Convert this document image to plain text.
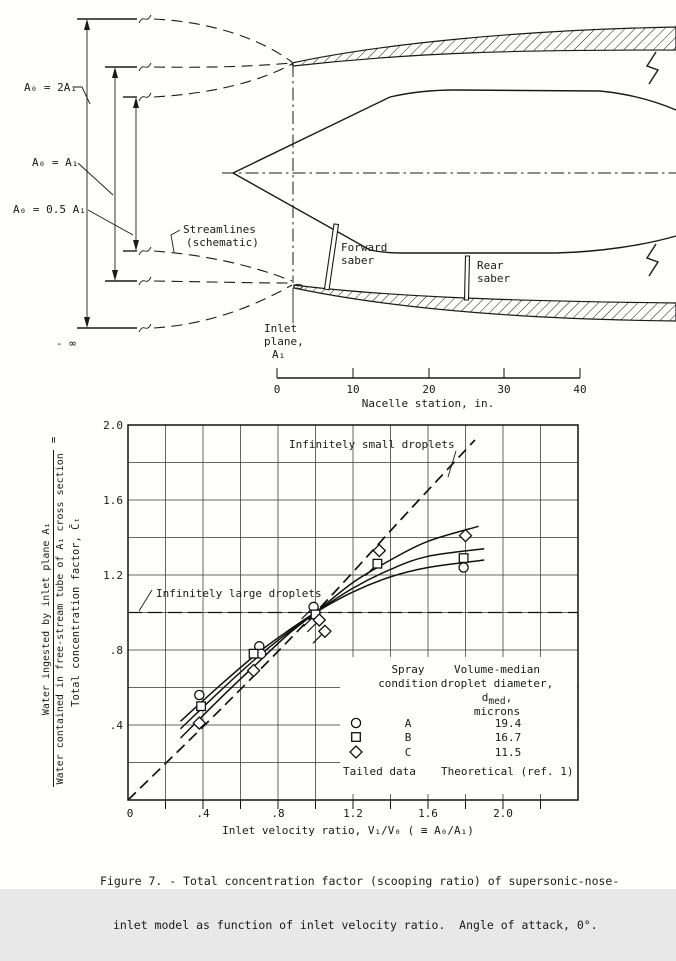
0	10	20	30	40
Nacelle station, in.
A₀ = 2A₁
A₀ = A₁
A₀ = 0.5 A₁
- ∞
Streamlines
(schematic)	Forward
saber	Rear
saber
Inlet
plane,
A₁
0	.4	.8	1.2	1.6	2.0
2.0
1.6
1.2
.8
.4
Inlet velocity ratio, V₁/V₀ ( ≅ A₀/A₁)
Infinitely small droplets
Infinitely large droplets
Spray
condition
Volume-median
droplet diameter,
dmed,
microns
A	19.4
B	16.7
C	11.5
Tailed data Theoretical (ref. 1)
Water ingested by inlet plane A₁ Water contained in free-stream tube of A₁ cross section
=
Total concentration factor, C̄ₜ

Figure 7. - Total concentration factor (scooping ratio) of supersonic-nose-

inlet model as function of inlet velocity ratio.  Angle of attack, 0°.
